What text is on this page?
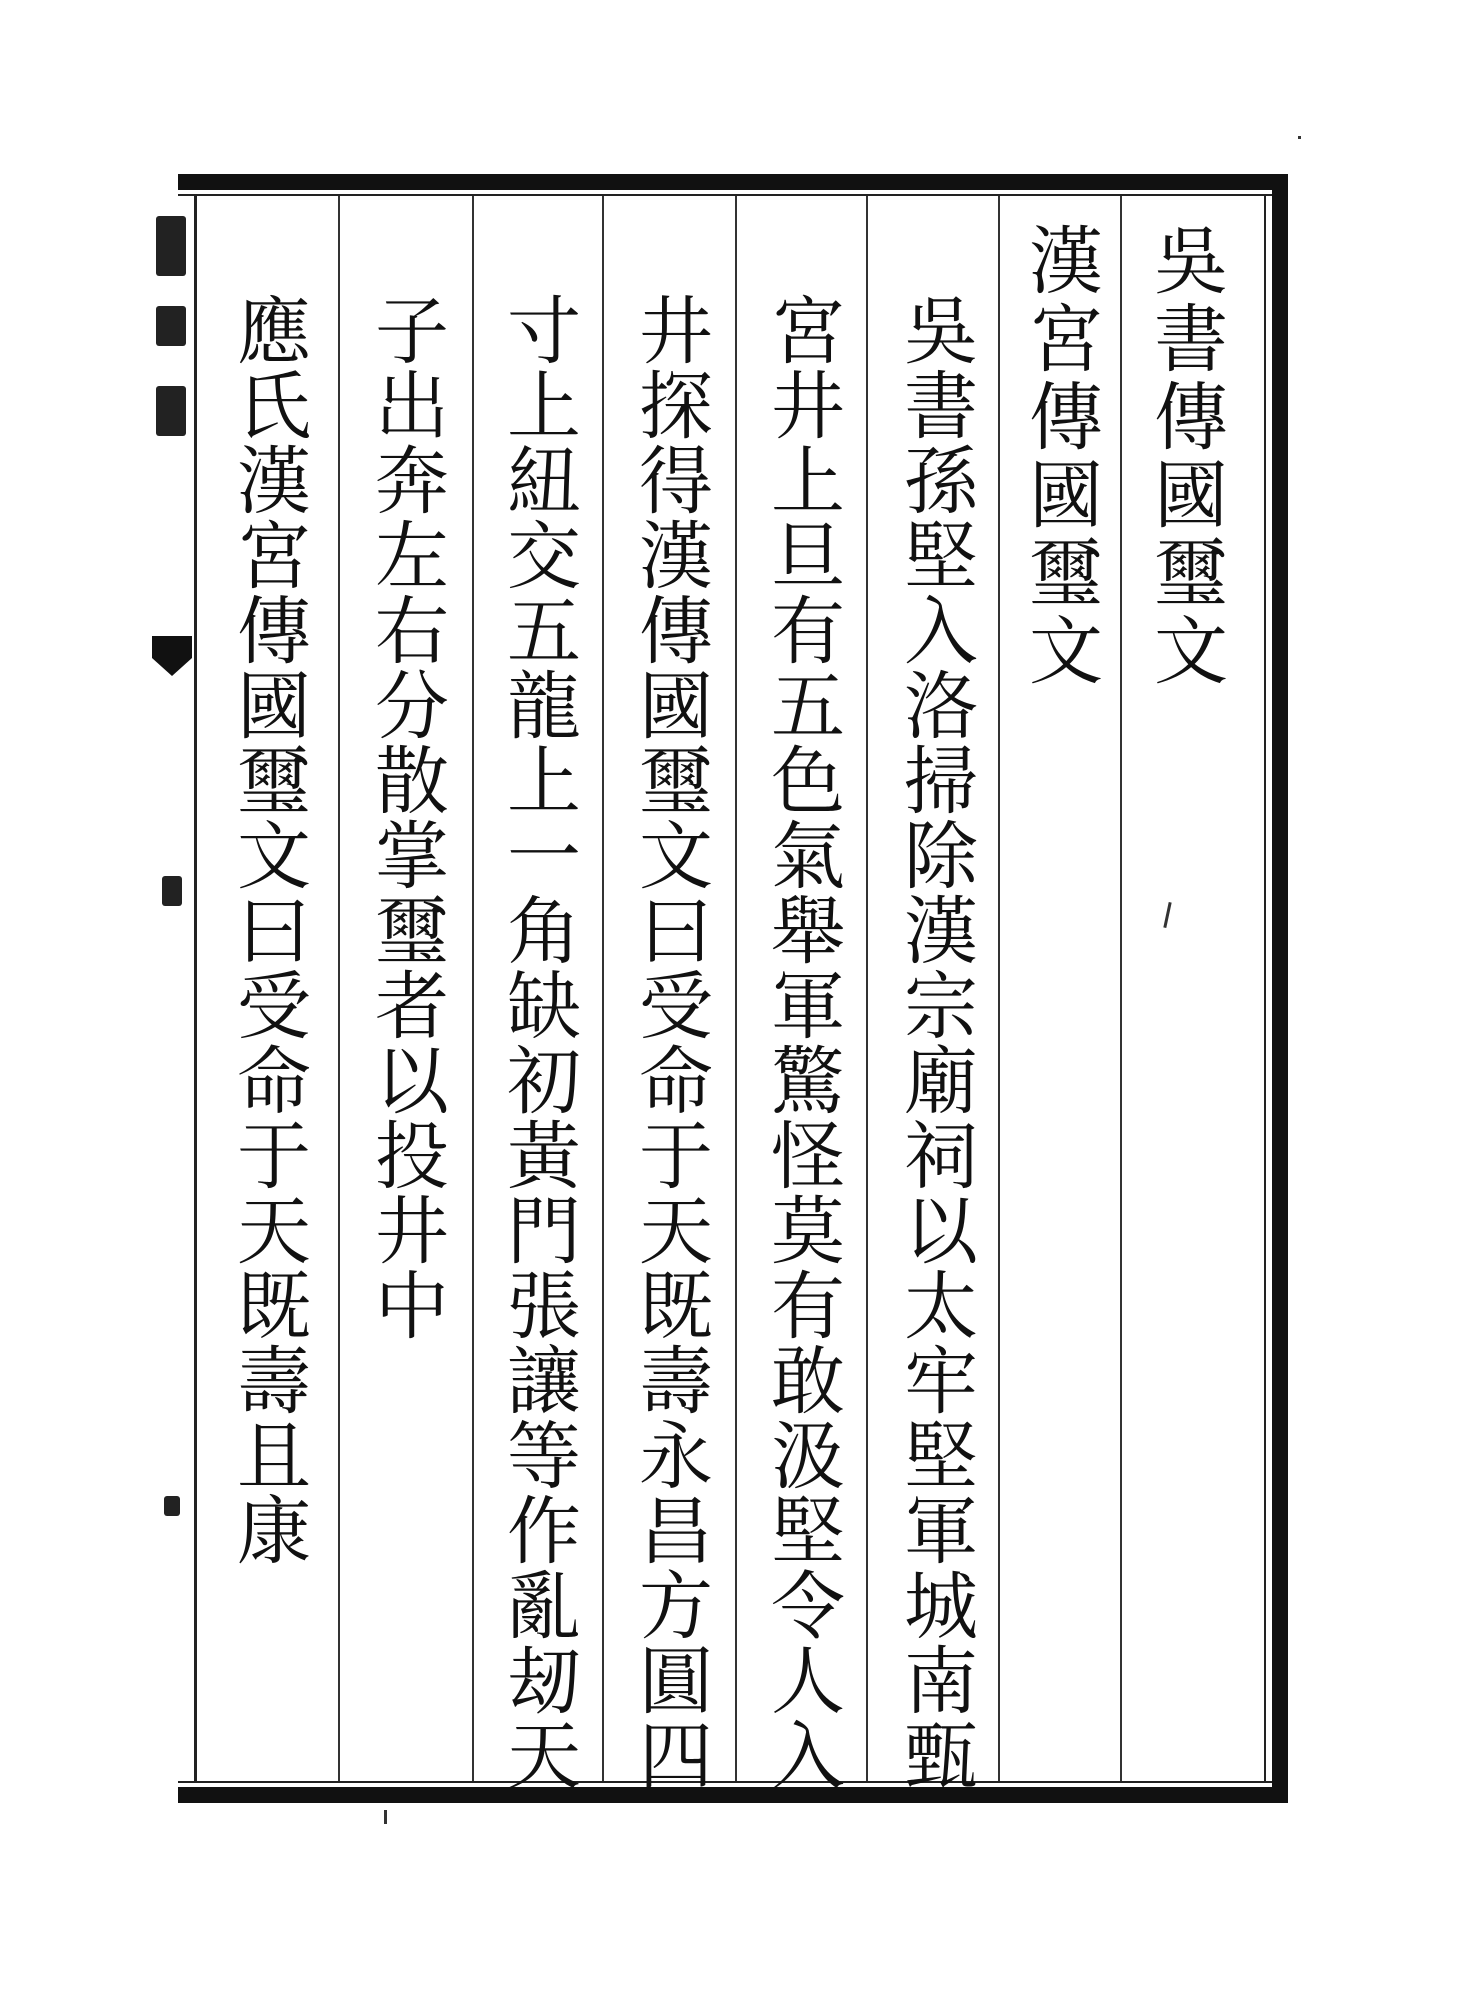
吳書傳國璽文
漢宮傳國璽文
吳書孫堅入洛掃除漢宗廟祠以太牢堅軍城南甄
宮井上旦有五色氣舉軍驚怪莫有敢汲堅令人入
井探得漢傳國璽文曰受命于天既壽永昌方圓四
寸上紐交五龍上一角缺初黃門張讓等作亂刼天
子出奔左右分散掌璽者以投井中
應氏漢宮傳國璽文曰受命于天既壽且康
